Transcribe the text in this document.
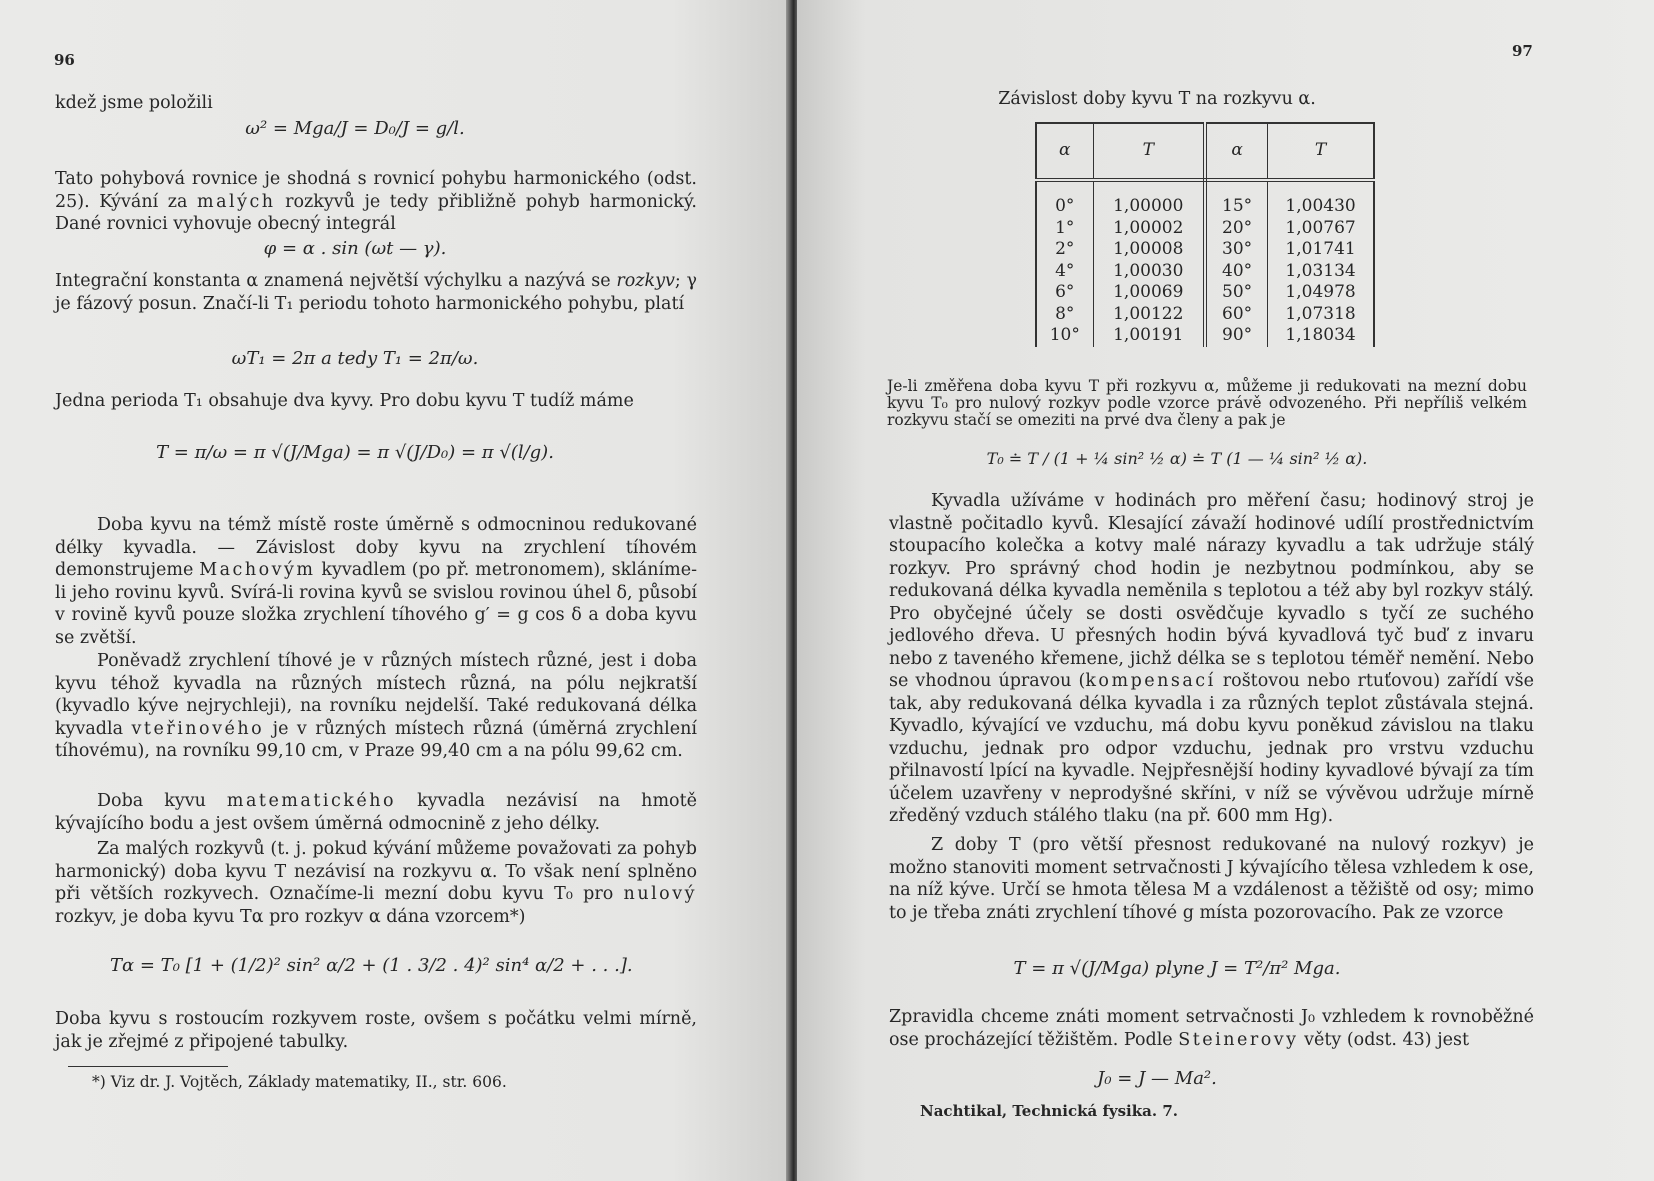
96

kdež jsme položili

ω² = Mga/J = D₀/J = g/l.

Tato pohybová rovnice je shodná s rovnicí pohybu harmonického (odst. 25). Kývání za malých rozkyvů je tedy přibližně pohyb harmonický. Dané rovnici vyhovuje obecný integrál

φ = α . sin (ωt — γ).

Integrační konstanta α znamená největší výchylku a nazývá se rozkyv; γ je fázový posun. Značí-li T₁ periodu tohoto harmonického pohybu, platí

ωT₁ = 2π a tedy T₁ = 2π/ω.

Jedna perioda T₁ obsahuje dva kyvy. Pro dobu kyvu T tudíž máme

T = π/ω = π √(J/Mga) = π √(J/D₀) = π √(l/g).

Doba kyvu na témž místě roste úměrně s odmocninou redukované délky kyvadla. — Závislost doby kyvu na zrychlení tíhovém demonstrujeme Machovým kyvadlem (po př. metronomem), skláníme-li jeho rovinu kyvů. Svírá-li rovina kyvů se svislou rovinou úhel δ, působí v rovině kyvů pouze složka zrychlení tíhového g′ = g cos δ a doba kyvu se zvětší.

Poněvadž zrychlení tíhové je v různých místech různé, jest i doba kyvu téhož kyvadla na různých místech různá, na pólu nejkratší (kyvadlo kýve nejrychleji), na rovníku nejdelší. Také redukovaná délka kyvadla vteřinového je v různých místech různá (úměrná zrychlení tíhovému), na rovníku 99,10 cm, v Praze 99,40 cm a na pólu 99,62 cm.

Doba kyvu matematického kyvadla nezávisí na hmotě kývajícího bodu a jest ovšem úměrná odmocnině z jeho délky.

Za malých rozkyvů (t. j. pokud kývání můžeme považovati za pohyb harmonický) doba kyvu T nezávisí na rozkyvu α. To však není splněno při větších rozkyvech. Označíme-li mezní dobu kyvu T₀ pro nulový rozkyv, je doba kyvu Tα pro rozkyv α dána vzorcem*)

Tα = T₀ [1 + (1/2)² sin² α/2 + (1 . 3/2 . 4)² sin⁴ α/2 + . . .].

Doba kyvu s rostoucím rozkyvem roste, ovšem s počátku velmi mírně, jak je zřejmé z připojené tabulky.

*) Viz dr. J. Vojtěch, Základy matematiky, II., str. 606.

97
Závislost doby kyvu T na rozkyvu α.
α	T	α	T
0°	1,00000	15°	1,00430
1°	1,00002	20°	1,00767
2°	1,00008	30°	1,01741
4°	1,00030	40°	1,03134
6°	1,00069	50°	1,04978
8°	1,00122	60°	1,07318
10°	1,00191	90°	1,18034

Je-li změřena doba kyvu T při rozkyvu α, můžeme ji redukovati na mezní dobu kyvu T₀ pro nulový rozkyv podle vzorce právě odvozeného. Při nepříliš velkém rozkyvu stačí se omeziti na prvé dva členy a pak je

T₀ ≐ T / (1 + ¼ sin² ½ α) ≐ T (1 — ¼ sin² ½ α).

Kyvadla užíváme v hodinách pro měření času; hodinový stroj je vlastně počitadlo kyvů. Klesající závaží hodinové udílí prostřednictvím stoupacího kolečka a kotvy malé nárazy kyvadlu a tak udržuje stálý rozkyv. Pro správný chod hodin je nezbytnou podmínkou, aby se redukovaná délka kyvadla neměnila s teplotou a též aby byl rozkyv stálý. Pro obyčejné účely se dosti osvědčuje kyvadlo s tyčí ze suchého jedlového dřeva. U přesných hodin bývá kyvadlová tyč buď z invaru nebo z taveného křemene, jichž délka se s teplotou téměř nemění. Nebo se vhodnou úpravou (kompensací roštovou nebo rtuťovou) zařídí vše tak, aby redukovaná délka kyvadla i za různých teplot zůstávala stejná. Kyvadlo, kývající ve vzduchu, má dobu kyvu poněkud závislou na tlaku vzduchu, jednak pro odpor vzduchu, jednak pro vrstvu vzduchu přilnavostí lpící na kyvadle. Nejpřesnější hodiny kyvadlové bývají za tím účelem uzavřeny v neprodyšné skříni, v níž se vývěvou udržuje mírně zředěný vzduch stálého tlaku (na př. 600 mm Hg).

Z doby T (pro větší přesnost redukované na nulový rozkyv) je možno stanoviti moment setrvačnosti J kývajícího tělesa vzhledem k ose, na níž kýve. Určí se hmota tělesa M a vzdálenost a těžiště od osy; mimo to je třeba znáti zrychlení tíhové g místa pozorovacího. Pak ze vzorce

T = π √(J/Mga) plyne J = T²/π² Mga.

Zpravidla chceme znáti moment setrvačnosti J₀ vzhledem k rovnoběžné ose procházející těžištěm. Podle Steinerovy věty (odst. 43) jest

J₀ = J — Ma².
Nachtikal, Technická fysika. 7.
